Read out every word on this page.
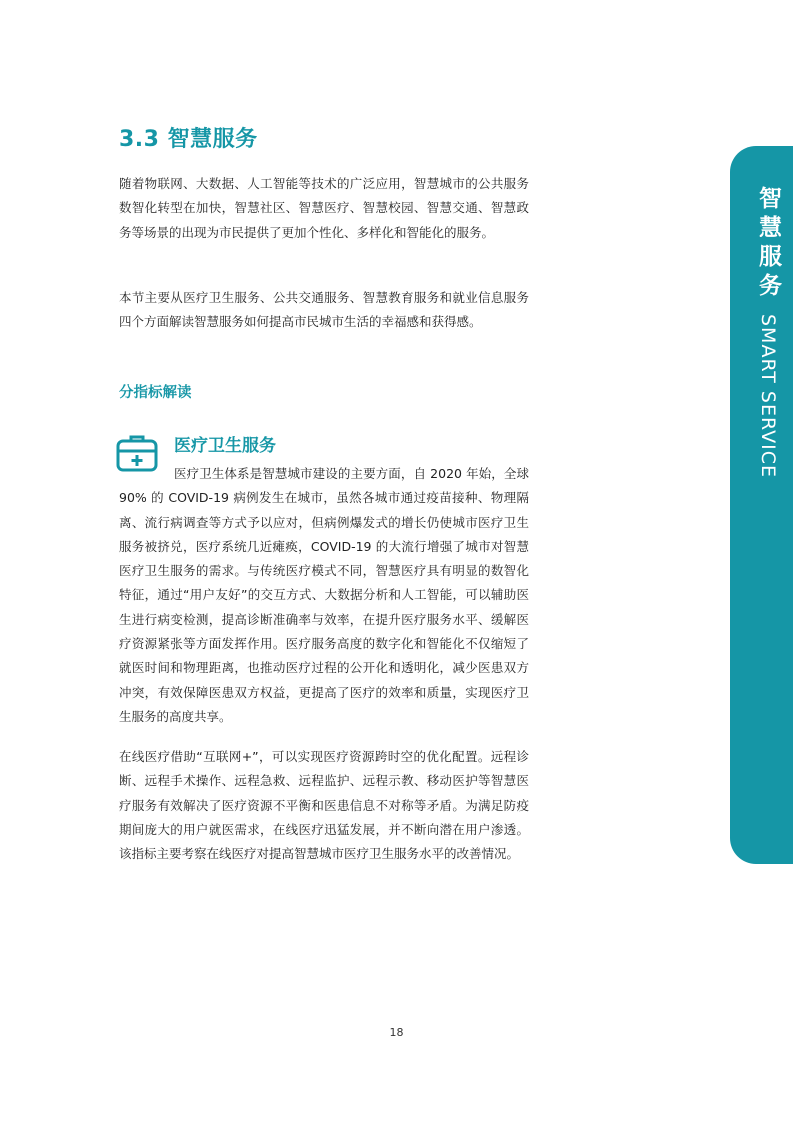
3.3 智慧服务

随着物联网、大数据、人工智能等技术的广泛应用，智慧城市的公共服务数智化转型在加快，智慧社区、智慧医疗、智慧校园、智慧交通、智慧政务等场景的出现为市民提供了更加个性化、多样化和智能化的服务。

本节主要从医疗卫生服务、公共交通服务、智慧教育服务和就业信息服务四个方面解读智慧服务如何提高市民城市生活的幸福感和获得感。

分指标解读
医疗卫生服务

医疗卫生体系是智慧城市建设的主要方面，自 2020 年始，全球 90% 的 COVID-19 病例发生在城市，虽然各城市通过疫苗接种、物理隔离、流行病调查等方式予以应对，但病例爆发式的增长仍使城市医疗卫生服务被挤兑，医疗系统几近瘫痪，COVID-19 的大流行增强了城市对智慧医疗卫生服务的需求。与传统医疗模式不同，智慧医疗具有明显的数智化特征，通过“用户友好”的交互方式、大数据分析和人工智能，可以辅助医生进行病变检测，提高诊断准确率与效率，在提升医疗服务水平、缓解医疗资源紧张等方面发挥作用。医疗服务高度的数字化和智能化不仅缩短了就医时间和物理距离，也推动医疗过程的公开化和透明化，减少医患双方冲突，有效保障医患双方权益，更提高了医疗的效率和质量，实现医疗卫生服务的高度共享。

在线医疗借助“互联网+”，可以实现医疗资源跨时空的优化配置。远程诊断、远程手术操作、远程急救、远程监护、远程示教、移动医护等智慧医疗服务有效解决了医疗资源不平衡和医患信息不对称等矛盾。为满足防疫期间庞大的用户就医需求，在线医疗迅猛发展，并不断向潜在用户渗透。该指标主要考察在线医疗对提高智慧城市医疗卫生服务水平的改善情况。

智慧服务SMART SERVICE
18
